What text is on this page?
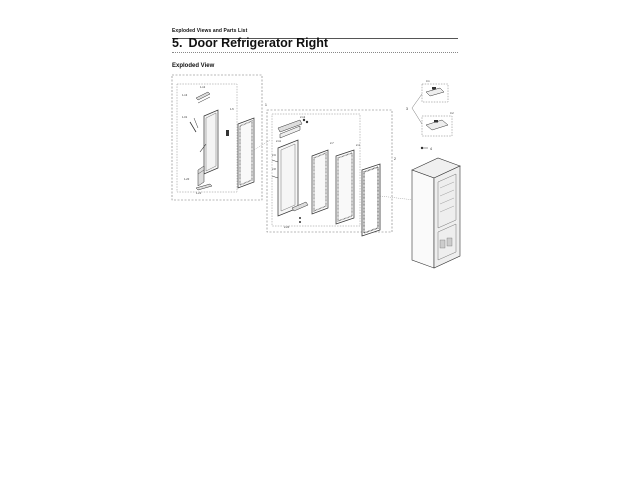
Exploded Views and Parts List
5. Door Refrigerator Right
Exploded View
1-12
1-13
1-01
1-5
1-20
1-21
1
2-12
2-11
2-9
2-8
2-7
2-4
2-20
2
3
3-1
3-2
4
